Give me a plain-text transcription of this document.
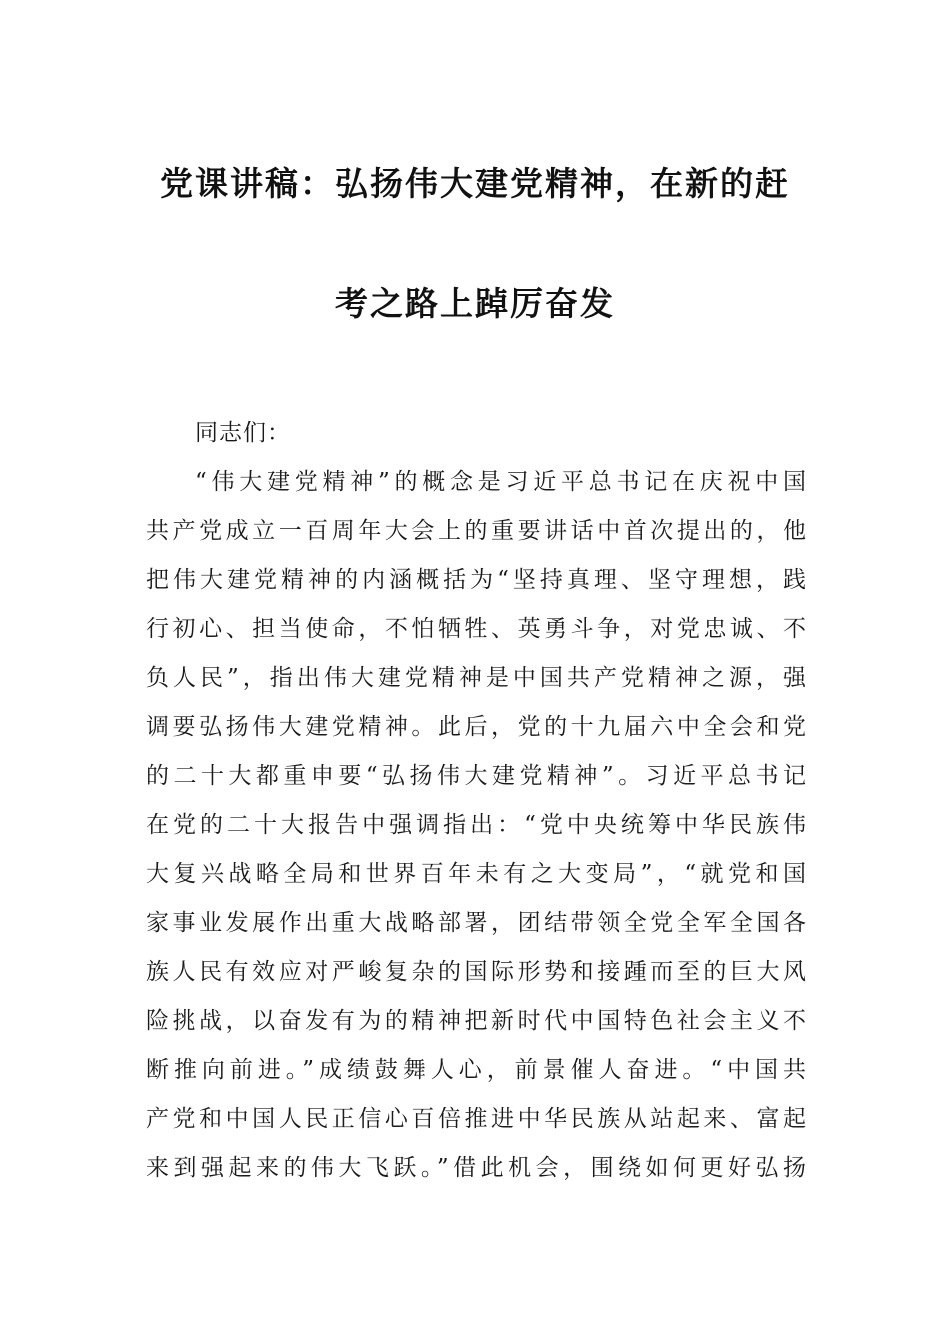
党课讲稿：弘扬伟大建党精神，在新的赶
考之路上踔厉奋发
同志们：
“伟大建党精神”的概念是习近平总书记在庆祝中国
共产党成立一百周年大会上的重要讲话中首次提出的，他
把伟大建党精神的内涵概括为“坚持真理、坚守理想，践
行初心、担当使命，不怕牺牲、英勇斗争，对党忠诚、不
负人民”，指出伟大建党精神是中国共产党精神之源，强
调要弘扬伟大建党精神。此后，党的十九届六中全会和党
的二十大都重申要“弘扬伟大建党精神”。习近平总书记
在党的二十大报告中强调指出：“党中央统筹中华民族伟
大复兴战略全局和世界百年未有之大变局”，“就党和国
家事业发展作出重大战略部署，团结带领全党全军全国各
族人民有效应对严峻复杂的国际形势和接踵而至的巨大风
险挑战，以奋发有为的精神把新时代中国特色社会主义不
断推向前进。”成绩鼓舞人心，前景催人奋进。“中国共
产党和中国人民正信心百倍推进中华民族从站起来、富起
来到强起来的伟大飞跃。”借此机会，围绕如何更好弘扬
